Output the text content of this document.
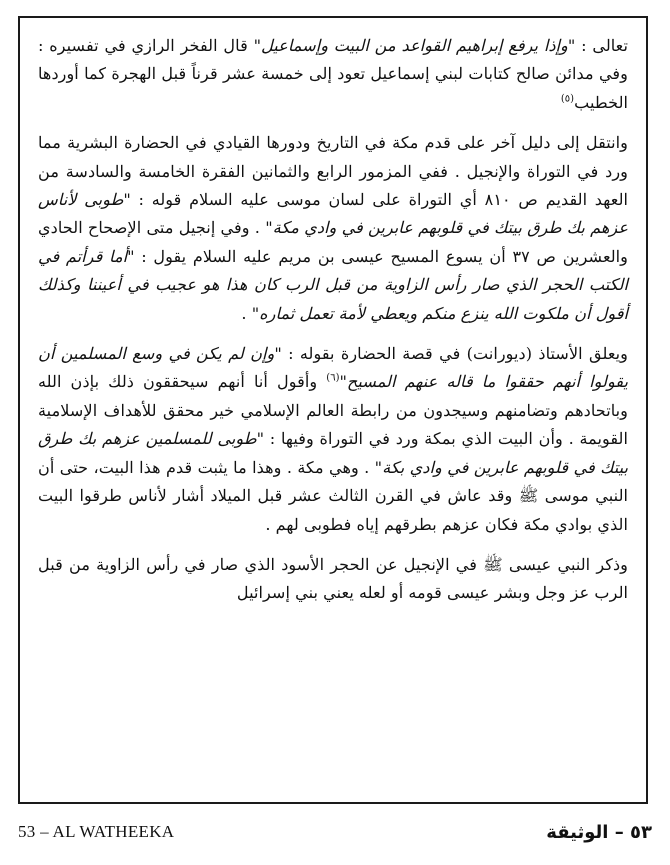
تعالى : "وإذا يرفع إبراهيم القواعد من البيت وإسماعيل" قال الفخر الرازي في تفسيره : وفي مدائن صالح كتابات لبني إسماعيل تعود إلى خمسة عشر قرناً قبل الهجرة كما أوردها الخطيب$^{(٥)}$

وانتقل إلى دليل آخر على قدم مكة في التاريخ ودورها القيادي في الحضارة البشرية مما ورد في التوراة والإنجيل . ففي المزمور الرابع والثمانين الفقرة الخامسة والسادسة من العهد القديم ص ٨١٠ أي التوراة على لسان موسى عليه السلام قوله : "طوبى لأناس عزهم بك طرق بيتك في قلوبهم عابرين في وادي مكة" . وفي إنجيل متى الإصحاح الحادي والعشرين ص ٣٧ أن يسوع المسيح عيسى بن مريم عليه السلام يقول : "أما قرأتم في الكتب الحجر الذي صار رأس الزاوية من قبل الرب كان هذا هو عجيب في أعيننا وكذلك أقول أن ملكوت الله ينزع منكم ويعطي لأمة تعمل ثماره" .

ويعلق الأستاذ (ديورانت) في قصة الحضارة بقوله : "وإن لم يكن في وسع المسلمين أن يقولوا أنهم حققوا ما قاله عنهم المسيح"$^{(٦)}$ وأقول أنا أنهم سيحققون ذلك بإذن الله وباتحادهم وتضامنهم وسيجدون من رابطة العالم الإسلامي خير محقق للأهداف الإسلامية القويمة . وأن البيت الذي بمكة ورد في التوراة وفيها : "طوبى للمسلمين عزهم بك طرق بيتك في قلوبهم عابرين في وادي بكة" . وهي مكة . وهذا ما يثبت قدم هذا البيت، حتى أن النبي موسى ﷺ وقد عاش في القرن الثالث عشر قبل الميلاد أشار لأناس طرقوا البيت الذي بوادي مكة فكان عزهم بطرقهم إياه فطوبى لهم .

وذكر النبي عيسى ﷺ في الإنجيل عن الحجر الأسود الذي صار في رأس الزاوية من قبل الرب عز وجل وبشر عيسى قومه أو لعله يعني بني إسرائيل

53 – AL WATHEEKA	٥٣ – الوثيقة
